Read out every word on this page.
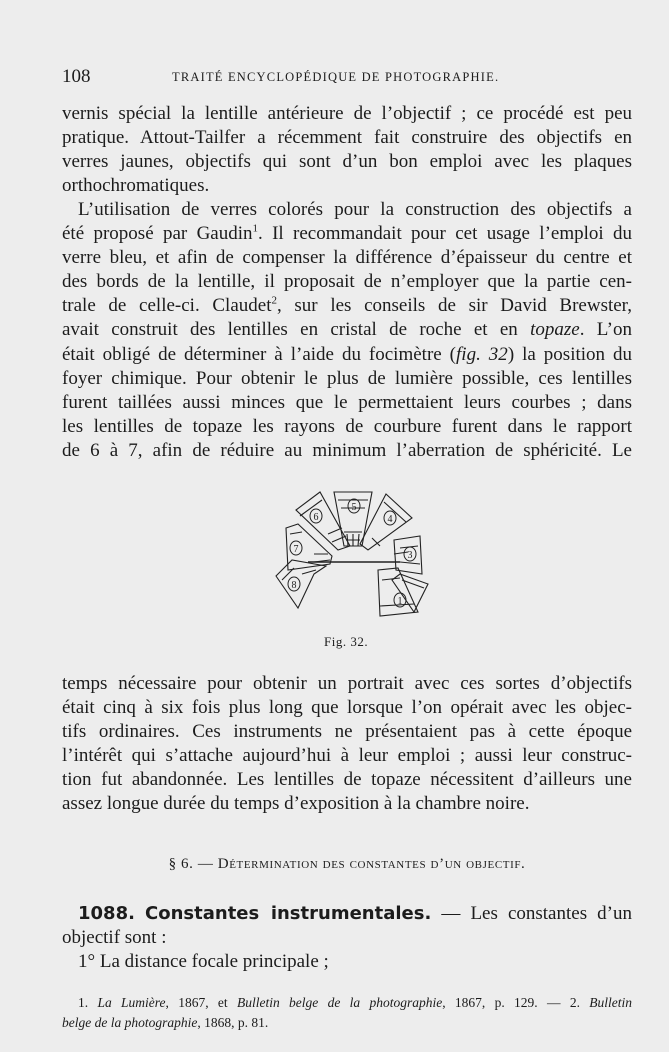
108	TRAITÉ ENCYCLOPÉDIQUE DE PHOTOGRAPHIE.
vernis spécial la lentille antérieure de l’objectif ; ce procédé est peu
pratique. Attout-Tailfer a récemment fait construire des objectifs en
verres jaunes, objectifs qui sont d’un bon emploi avec les plaques
orthochromatiques.
L’utilisation de verres colorés pour la construction des objectifs a
été proposé par Gaudin$^1$. Il recommandait pour cet usage l’emploi du
verre bleu, et afin de compenser la différence d’épaisseur du centre et
des bords de la lentille, il proposait de n’employer que la partie cen-
trale de celle-ci. Claudet$^2$, sur les conseils de sir David Brewster,
avait construit des lentilles en cristal de roche et en topaze. L’on
était obligé de déterminer à l’aide du focimètre (fig. 32) la position du
foyer chimique. Pour obtenir le plus de lumière possible, ces lentilles
furent taillées aussi minces que le permettaient leurs courbes ; dans
les lentilles de topaze les rayons de courbure furent dans le rapport
de 6 à 7, afin de réduire au minimum l’aberration de sphéricité. Le
5
6	4
7
3
8
1
Fig. 32.
temps nécessaire pour obtenir un portrait avec ces sortes d’objectifs
était cinq à six fois plus long que lorsque l’on opérait avec les objec-
tifs ordinaires. Ces instruments ne présentaient pas à cette époque
l’intérêt qui s’attache aujourd’hui à leur emploi ; aussi leur construc-
tion fut abandonnée. Les lentilles de topaze nécessitent d’ailleurs une
assez longue durée du temps d’exposition à la chambre noire.
§ 6. — Détermination des constantes d’un objectif.
1088. Constantes instrumentales. — Les constantes d’un
objectif sont :
1° La distance focale principale ;
1. La Lumière, 1867, et Bulletin belge de la photographie, 1867, p. 129. — 2. Bulletin
belge de la photographie, 1868, p. 81.
